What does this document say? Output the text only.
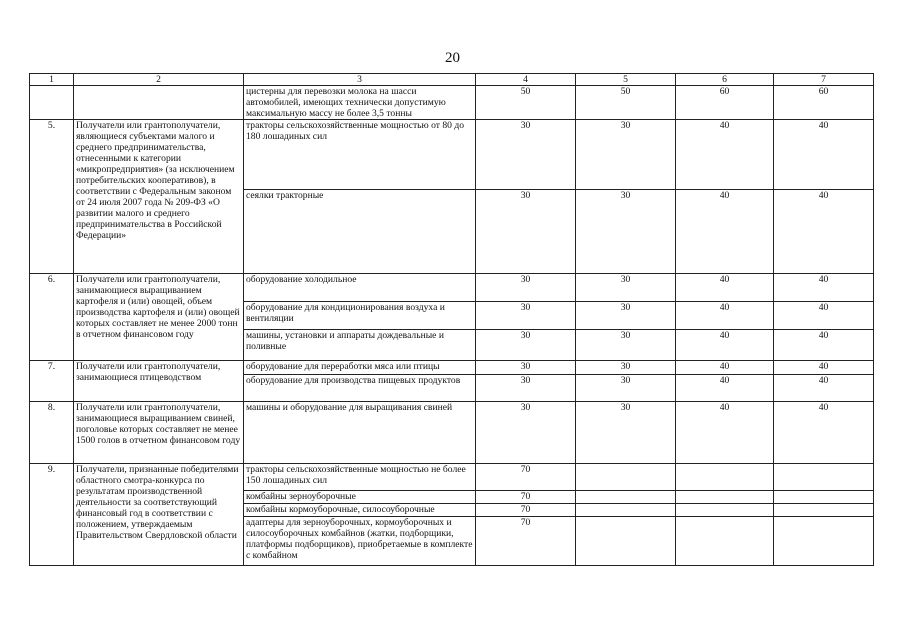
20
1	2	3	4	5	6	7
		цистерны для перевозки молока на шасси автомобилей, имеющих технически допустимую максимальную массу не более 3,5 тонны	50	50	60	60
5.	Получатели или грантополучатели, являющиеся субъектами малого и среднего предпринимательства, отнесенными к категории «микропредприятия» (за исключением потребительских кооперативов), в соответствии с Федеральным законом от 24 июля 2007 года № 209-ФЗ «О развитии малого и среднего предпринимательства в Российской Федерации»	тракторы сельскохозяйственные мощностью от 80 до 180 лошадиных сил	30	30	40	40
		сеялки тракторные	30	30	40	40
6.	Получатели или грантополучатели, занимающиеся выращиванием картофеля и (или) овощей, объем производства картофеля и (или) овощей которых составляет не менее 2000 тонн в отчетном финансовом году	оборудование холодильное	30	30	40	40
		оборудование для кондиционирования воздуха и вентиляции	30	30	40	40
		машины, установки и аппараты дождевальные и поливные	30	30	40	40
7.	Получатели или грантополучатели, занимающиеся птицеводством	оборудование для переработки мяса или птицы	30	30	40	40
		оборудование для производства пищевых продуктов	30	30	40	40
8.	Получатели или грантополучатели, занимающиеся выращиванием свиней, поголовье которых составляет не менее 1500 голов в отчетном финансовом году	машины и оборудование для выращивания свиней	30	30	40	40
9.	Получатели, признанные победителями областного смотра-конкурса по результатам производственной деятельности за соответствующий финансовый год в соответствии с положением, утверждаемым Правительством Свердловской области	тракторы сельскохозяйственные мощностью не более 150 лошадиных сил	70			
		комбайны зерноуборочные	70			
		комбайны кормоуборочные, силосоуборочные	70			
		адаптеры для зерноуборочных, кормоуборочных и силосоуборочных комбайнов (жатки, подборщики, платформы подборщиков), приобретаемые в комплекте с комбайном	70			
